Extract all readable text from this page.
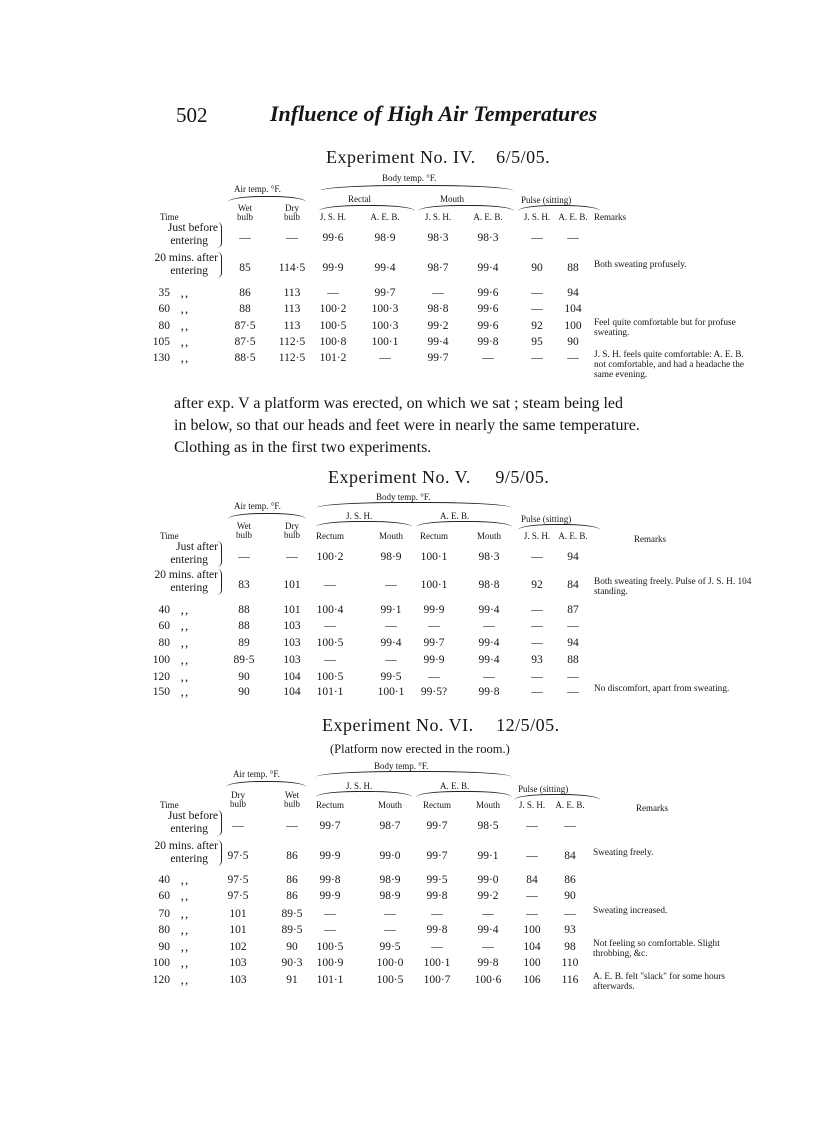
502	Influence of High Air Temperatures
Experiment No. IV. 6/5/05.
Body temp. °F.
Air temp. °F.
Rectal	Mouth	Pulse (sitting)
Wet
bulb
Dry
bulb
Time	J. S. H.	A. E. B.	J. S. H.	A. E. B.	J. S. H. A. E. B. Remarks
Just before
entering	—	—	99·6	98·9	98·3	98·3	—	—
20 mins. after
entering	85	114·5	99·9	99·4	98·7	99·4	90	88	Both sweating profusely.
35 ‚‚	86	113	—	99·7	—	99·6	—	94
60 ‚‚	88	113	100·2	100·3	98·8	99·6	—	104
80 ‚‚	87·5	113	100·5	100·3	99·2	99·6	92	100	Feel quite comfortable but for profuse sweating.
105 ‚‚	87·5	112·5	100·8	100·1	99·4	99·8	95	90
130 ‚‚	88·5	112·5	101·2	—	99·7	—	—	—	J. S. H. feels quite comfortable: A. E. B. not comfortable, and had a headache the same evening.
after exp. V a platform was erected, on which we sat ; steam being led
in below, so that our heads and feet were in nearly the same temperature.
Clothing as in the first two experiments.
Experiment No. V. 9/5/05.
Body temp. °F.
Air temp. °F.
J. S. H.	A. E. B.	Pulse (sitting)
Wet
bulb
Dry
bulb
Time	Rectum	Mouth	Rectum	Mouth	J. S. H. A. E. B.	Remarks
Just after
entering	—	—	100·2	98·9	100·1	98·3	—	94
20 mins. after
entering	83	101	—	—	100·1	98·8	92	84	Both sweating freely. Pulse of J. S. H. 104 standing.
40 ‚‚	88	101	100·4	99·1	99·9	99·4	—	87
60 ‚‚	88	103	—	—	—	—	—	—
80 ‚‚	89	103	100·5	99·4	99·7	99·4	—	94
100 ‚‚	89·5	103	—	—	99·9	99·4	93	88
120 ‚‚	90	104	100·5	99·5	—	—	—	—
150 ‚‚	90	104	101·1	100·1	99·5?	99·8	—	—	No discomfort, apart from sweating.
Experiment No. VI. 12/5/05.
(Platform now erected in the room.)
Body temp. °F.
Air temp. °F.
J. S. H.	A. E. B.	Pulse (sitting)
Dry
bulb
Wet
bulb
Time	Rectum	Mouth	Rectum	Mouth	J. S. H.	A. E. B.	Remarks
Just before
entering	—	—	99·7	98·7	99·7	98·5	—	—
20 mins. after
entering	97·5	86	99·9	99·0	99·7	99·1	—	84	Sweating freely.
40 ‚‚	97·5	86	99·8	98·9	99·5	99·0	84	86
60 ‚‚	97·5	86	99·9	98·9	99·8	99·2	—	90
70 ‚‚	101	89·5	—	—	—	—	—	—	Sweating increased.
80 ‚‚	101	89·5	—	—	99·8	99·4	100	93
90 ‚‚	102	90	100·5	99·5	—	—	104	98	Not feeling so comfortable. Slight throbbing, &c.
100 ‚‚	103	90·3	100·9	100·0	100·1	99·8	100	110
120 ‚‚	103	91	101·1	100·5	100·7	100·6	106	116	A. E. B. felt "slack" for some hours afterwards.
